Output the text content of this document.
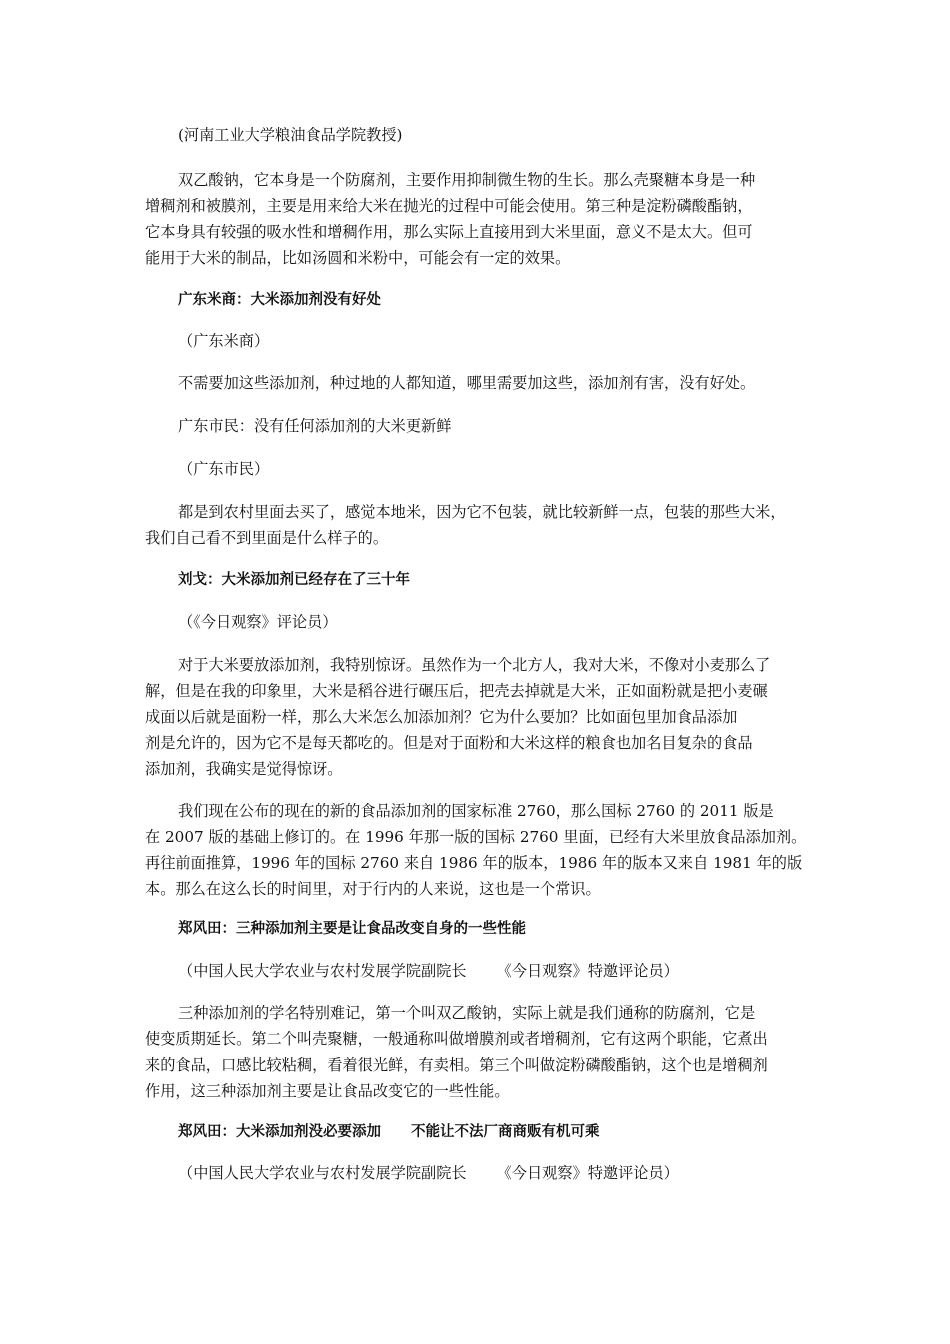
(河南工业大学粮油食品学院教授)
双乙酸钠，它本身是一个防腐剂，主要作用抑制微生物的生长。那么壳聚糖本身是一种
增稠剂和被膜剂，主要是用来给大米在抛光的过程中可能会使用。第三种是淀粉磷酸酯钠，
它本身具有较强的吸水性和增稠作用，那么实际上直接用到大米里面，意义不是太大。但可
能用于大米的制品，比如汤圆和米粉中，可能会有一定的效果。
广东米商：大米添加剂没有好处
（广东米商）
不需要加这些添加剂，种过地的人都知道，哪里需要加这些，添加剂有害，没有好处。
广东市民：没有任何添加剂的大米更新鲜
（广东市民）
都是到农村里面去买了，感觉本地米，因为它不包装，就比较新鲜一点，包装的那些大米，
我们自己看不到里面是什么样子的。
刘戈：大米添加剂已经存在了三十年
（《今日观察》评论员）
对于大米要放添加剂，我特别惊讶。虽然作为一个北方人，我对大米，不像对小麦那么了
解，但是在我的印象里，大米是稻谷进行碾压后，把壳去掉就是大米，正如面粉就是把小麦碾
成面以后就是面粉一样，那么大米怎么加添加剂？它为什么要加？比如面包里加食品添加
剂是允许的，因为它不是每天都吃的。但是对于面粉和大米这样的粮食也加名目复杂的食品
添加剂，我确实是觉得惊讶。
我们现在公布的现在的新的食品添加剂的国家标准 2760，那么国标 2760 的 2011 版是
在 2007 版的基础上修订的。在 1996 年那一版的国标 2760 里面，已经有大米里放食品添加剂。
再往前面推算，1996 年的国标 2760 来自 1986 年的版本，1986 年的版本又来自 1981 年的版
本。那么在这么长的时间里，对于行内的人来说，这也是一个常识。
郑风田：三种添加剂主要是让食品改变自身的一些性能
（中国人民大学农业与农村发展学院副院长 《今日观察》特邀评论员）
三种添加剂的学名特别难记，第一个叫双乙酸钠，实际上就是我们通称的防腐剂，它是
使变质期延长。第二个叫壳聚糖，一般通称叫做增膜剂或者增稠剂，它有这两个职能，它煮出
来的食品，口感比较粘稠，看着很光鲜，有卖相。第三个叫做淀粉磷酸酯钠，这个也是增稠剂
作用，这三种添加剂主要是让食品改变它的一些性能。
郑风田：大米添加剂没必要添加 不能让不法厂商商贩有机可乘
（中国人民大学农业与农村发展学院副院长 《今日观察》特邀评论员）
